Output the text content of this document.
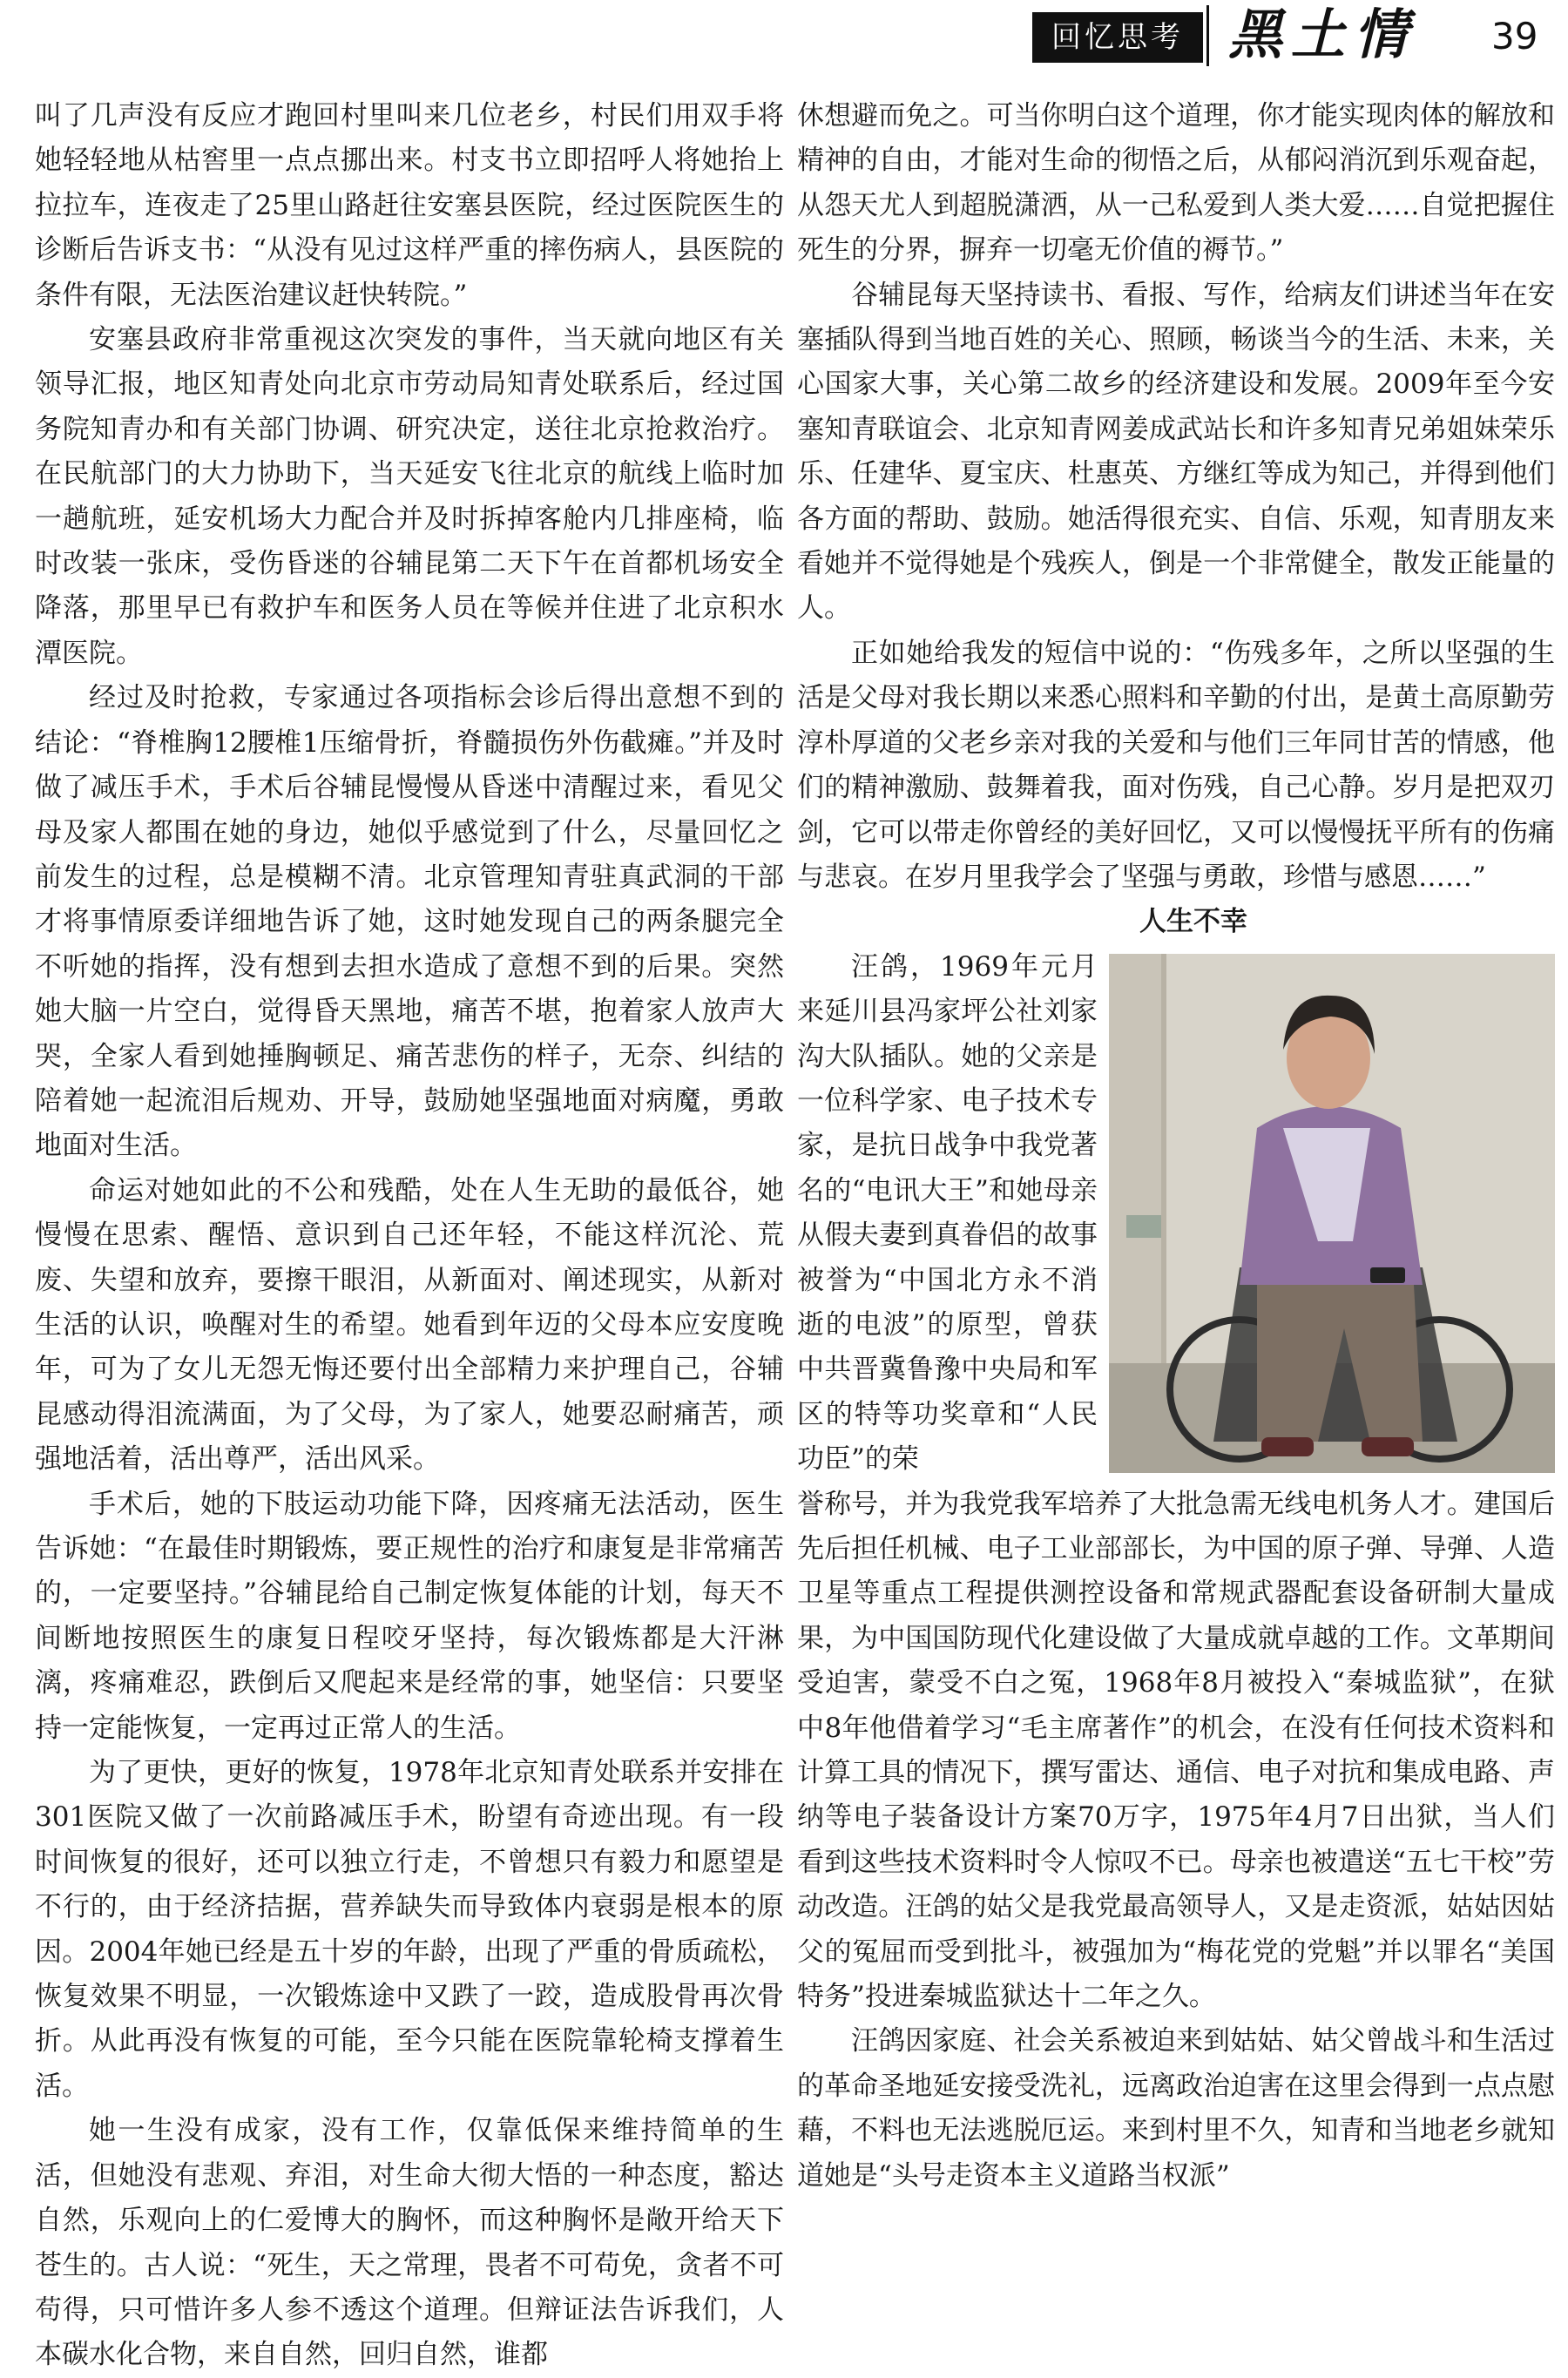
回忆思考 黑土情 39

叫了几声没有反应才跑回村里叫来几位老乡，村民们用双手将她轻轻地从枯窖里一点点挪出来。村支书立即招呼人将她抬上拉拉车，连夜走了25里山路赶往安塞县医院，经过医院医生的诊断后告诉支书：“从没有见过这样严重的摔伤病人，县医院的条件有限，无法医治建议赶快转院。”

安塞县政府非常重视这次突发的事件，当天就向地区有关领导汇报，地区知青处向北京市劳动局知青处联系后，经过国务院知青办和有关部门协调、研究决定，送往北京抢救治疗。在民航部门的大力协助下，当天延安飞往北京的航线上临时加一趟航班，延安机场大力配合并及时拆掉客舱内几排座椅，临时改装一张床，受伤昏迷的谷辅昆第二天下午在首都机场安全降落，那里早已有救护车和医务人员在等候并住进了北京积水潭医院。

经过及时抢救，专家通过各项指标会诊后得出意想不到的结论：“脊椎胸12腰椎1压缩骨折，脊髓损伤外伤截瘫。”并及时做了减压手术，手术后谷辅昆慢慢从昏迷中清醒过来，看见父母及家人都围在她的身边，她似乎感觉到了什么，尽量回忆之前发生的过程，总是模糊不清。北京管理知青驻真武洞的干部才将事情原委详细地告诉了她，这时她发现自己的两条腿完全不听她的指挥，没有想到去担水造成了意想不到的后果。突然她大脑一片空白，觉得昏天黑地，痛苦不堪，抱着家人放声大哭，全家人看到她捶胸顿足、痛苦悲伤的样子，无奈、纠结的陪着她一起流泪后规劝、开导，鼓励她坚强地面对病魔，勇敢地面对生活。

命运对她如此的不公和残酷，处在人生无助的最低谷，她慢慢在思索、醒悟、意识到自己还年轻，不能这样沉沦、荒废、失望和放弃，要擦干眼泪，从新面对、阐述现实，从新对生活的认识，唤醒对生的希望。她看到年迈的父母本应安度晚年，可为了女儿无怨无悔还要付出全部精力来护理自己，谷辅昆感动得泪流满面，为了父母，为了家人，她要忍耐痛苦，顽强地活着，活出尊严，活出风采。

手术后，她的下肢运动功能下降，因疼痛无法活动，医生告诉她：“在最佳时期锻炼，要正规性的治疗和康复是非常痛苦的，一定要坚持。”谷辅昆给自己制定恢复体能的计划，每天不间断地按照医生的康复日程咬牙坚持，每次锻炼都是大汗淋漓，疼痛难忍，跌倒后又爬起来是经常的事，她坚信：只要坚持一定能恢复，一定再过正常人的生活。

为了更快，更好的恢复，1978年北京知青处联系并安排在301医院又做了一次前路减压手术，盼望有奇迹出现。有一段时间恢复的很好，还可以独立行走，不曾想只有毅力和愿望是不行的，由于经济拮据，营养缺失而导致体内衰弱是根本的原因。2004年她已经是五十岁的年龄，出现了严重的骨质疏松，恢复效果不明显，一次锻炼途中又跌了一跤，造成股骨再次骨折。从此再没有恢复的可能，至今只能在医院靠轮椅支撑着生活。

她一生没有成家，没有工作，仅靠低保来维持简单的生活，但她没有悲观、弃泪，对生命大彻大悟的一种态度，豁达自然，乐观向上的仁爱博大的胸怀，而这种胸怀是敞开给天下苍生的。古人说：“死生，天之常理，畏者不可苟免，贪者不可苟得，只可惜许多人参不透这个道理。但辩证法告诉我们，人本碳水化合物，来自自然，回归自然，谁都

休想避而免之。可当你明白这个道理，你才能实现肉体的解放和精神的自由，才能对生命的彻悟之后，从郁闷消沉到乐观奋起，从怨天尤人到超脱潇洒，从一己私爱到人类大爱……自觉把握住死生的分界，摒弃一切毫无价值的褥节。”

谷辅昆每天坚持读书、看报、写作，给病友们讲述当年在安塞插队得到当地百姓的关心、照顾，畅谈当今的生活、未来，关心国家大事，关心第二故乡的经济建设和发展。2009年至今安塞知青联谊会、北京知青网姜成武站长和许多知青兄弟姐妹荣乐乐、任建华、夏宝庆、杜惠英、方继红等成为知己，并得到他们各方面的帮助、鼓励。她活得很充实、自信、乐观，知青朋友来看她并不觉得她是个残疾人，倒是一个非常健全，散发正能量的人。

正如她给我发的短信中说的：“伤残多年，之所以坚强的生活是父母对我长期以来悉心照料和辛勤的付出，是黄土高原勤劳淳朴厚道的父老乡亲对我的关爱和与他们三年同甘苦的情感，他们的精神激励、鼓舞着我，面对伤残，自己心静。岁月是把双刃剑，它可以带走你曾经的美好回忆，又可以慢慢抚平所有的伤痛与悲哀。在岁月里我学会了坚强与勇敢，珍惜与感恩……”

人生不幸

汪鸽，1969年元月来延川县冯家坪公社刘家沟大队插队。她的父亲是一位科学家、电子技术专家，是抗日战争中我党著名的“电讯大王”和她母亲从假夫妻到真眷侣的故事被誉为“中国北方永不消逝的电波”的原型，曾获中共晋冀鲁豫中央局和军区的特等功奖章和“人民功臣”的荣

誉称号，并为我党我军培养了大批急需无线电机务人才。建国后先后担任机械、电子工业部部长，为中国的原子弹、导弹、人造卫星等重点工程提供测控设备和常规武器配套设备研制大量成果，为中国国防现代化建设做了大量成就卓越的工作。文革期间受迫害，蒙受不白之冤，1968年8月被投入“秦城监狱”，在狱中8年他借着学习“毛主席著作”的机会，在没有任何技术资料和计算工具的情况下，撰写雷达、通信、电子对抗和集成电路、声纳等电子装备设计方案70万字，1975年4月7日出狱，当人们看到这些技术资料时令人惊叹不已。母亲也被遣送“五七干校”劳动改造。汪鸽的姑父是我党最高领导人，又是走资派，姑姑因姑父的冤屈而受到批斗，被强加为“梅花党的党魁”并以罪名“美国特务”投进秦城监狱达十二年之久。

汪鸽因家庭、社会关系被迫来到姑姑、姑父曾战斗和生活过的革命圣地延安接受洗礼，远离政治迫害在这里会得到一点点慰藉，不料也无法逃脱厄运。来到村里不久，知青和当地老乡就知道她是“头号走资本主义道路当权派”
